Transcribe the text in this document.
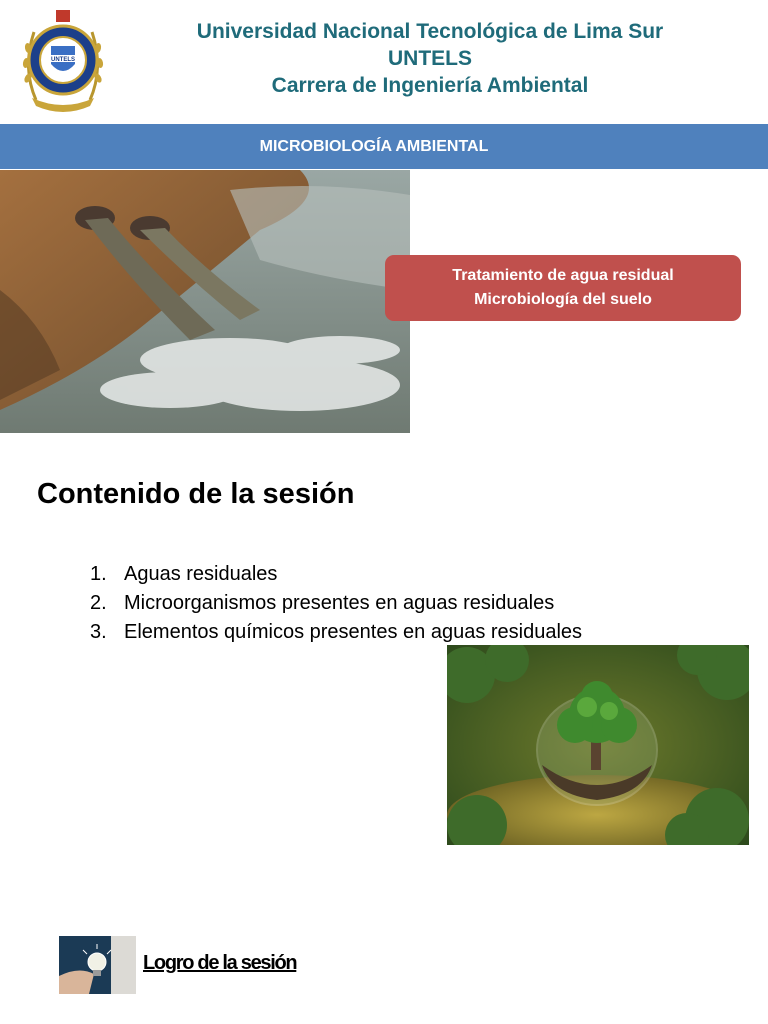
UNTELS
Universidad Nacional Tecnológica de Lima Sur
UNTELS
Carrera de Ingeniería Ambiental
MICROBIOLOGÍA AMBIENTAL
Tratamiento de agua residual
Microbiología del suelo
Contenido de la sesión
1. Aguas residuales
2. Microorganismos presentes en aguas residuales
3. Elementos químicos presentes en aguas residuales
Logro de la sesión
